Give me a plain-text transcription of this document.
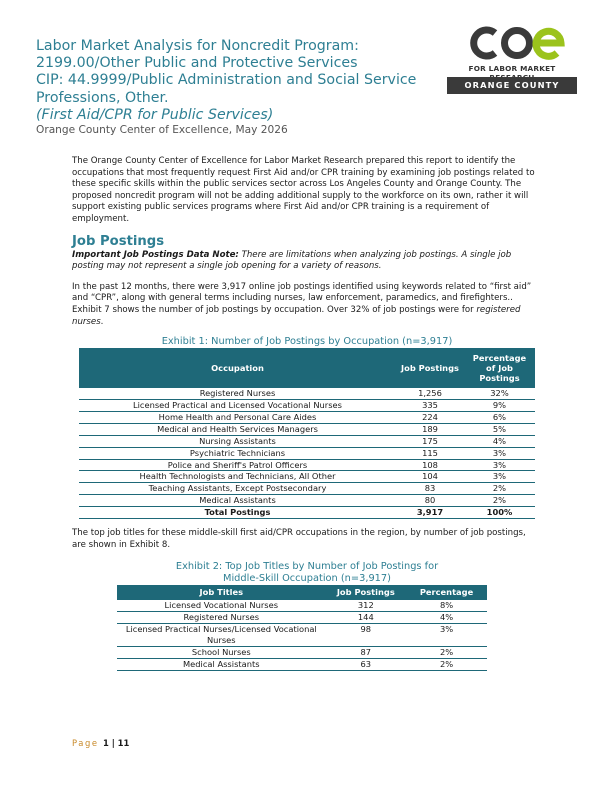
Labor Market Analysis for Noncredit Program:
2199.00/Other Public and Protective Services
CIP: 44.9999/Public Administration and Social Service
Professions, Other.
(First Aid/CPR for Public Services)
Orange County Center of Excellence, May 2026
FOR LABOR MARKET
ORANGE COUNTY

The Orange County Center of Excellence for Labor Market Research prepared this report to identify the occupations that most frequently request First Aid and/or CPR training by examining job postings related to these specific skills within the public services sector across Los Angeles County and Orange County. The proposed noncredit program will not be adding additional supply to the workforce on its own, rather it will support existing public services programs where First Aid and/or CPR training is a requirement of employment.

Job Postings

Important Job Postings Data Note: There are limitations when analyzing job postings. A single job posting may not represent a single job opening for a variety of reasons.

In the past 12 months, there were 3,917 online job postings identified using keywords related to “first aid” and “CPR”, along with general terms including nurses, law enforcement, paramedics, and firefighters.. Exhibit 7 shows the number of job postings by occupation. Over 32% of job postings were for registered nurses.

Exhibit 1: Number of Job Postings by Occupation (n=3,917)

Occupation	Job Postings	Percentage of Job Postings
Registered Nurses	1,256	32%
Licensed Practical and Licensed Vocational Nurses	335	9%
Home Health and Personal Care Aides	224	6%
Medical and Health Services Managers	189	5%
Nursing Assistants	175	4%
Psychiatric Technicians	115	3%
Police and Sheriff's Patrol Officers	108	3%
Health Technologists and Technicians, All Other	104	3%
Teaching Assistants, Except Postsecondary	83	2%
Medical Assistants	80	2%
Total Postings	3,917	100%

The top job titles for these middle-skill first aid/CPR occupations in the region, by number of job postings, are shown in Exhibit 8.

Exhibit 2: Top Job Titles by Number of Job Postings for

Middle-Skill Occupation (n=3,917)

Job Titles	Job Postings	Percentage
Licensed Vocational Nurses	312	8%
Registered Nurses	144	4%
Licensed Practical Nurses/Licensed Vocational Nurses	98	3%
School Nurses	87	2%
Medical Assistants	63	2%
Page 1 | 11
